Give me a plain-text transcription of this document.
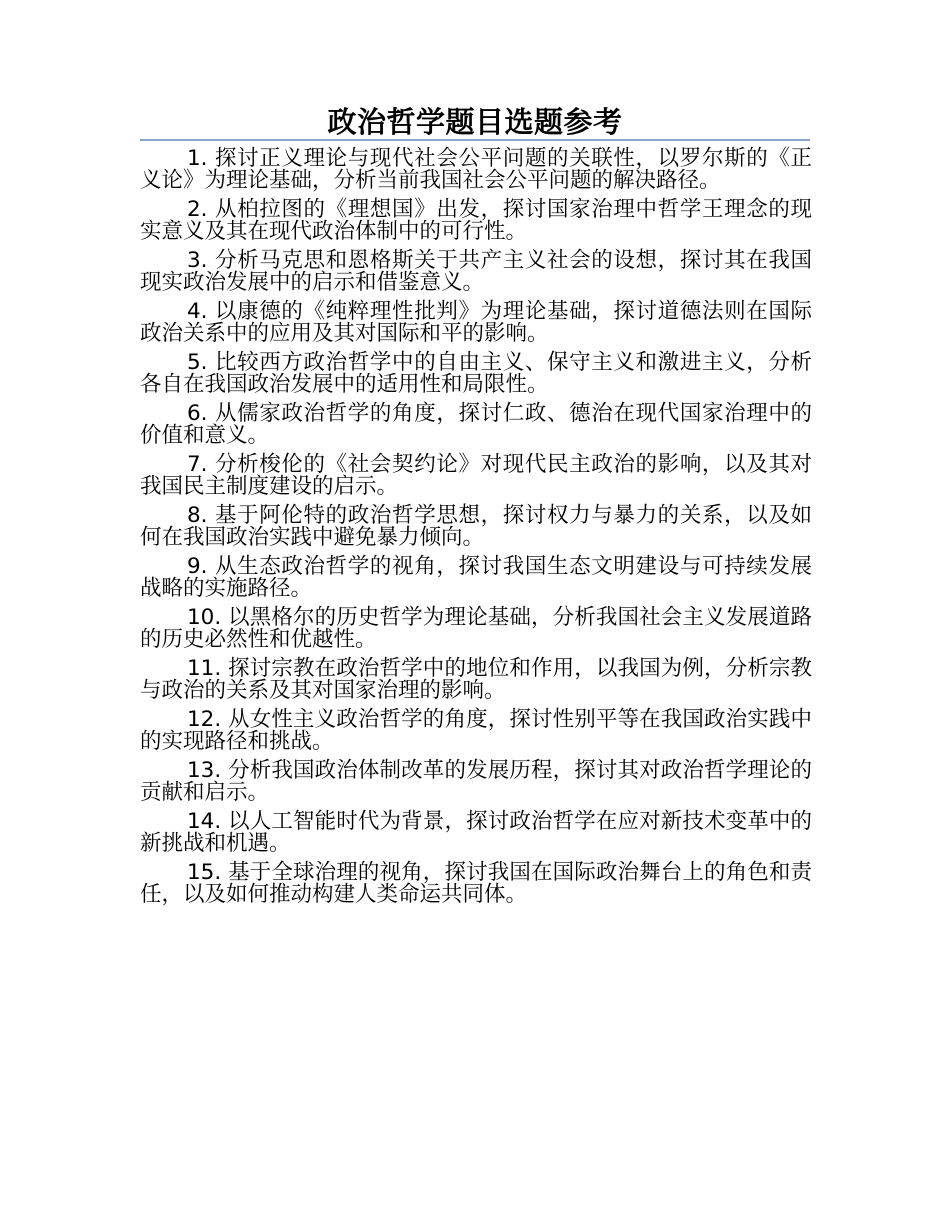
政治哲学题目选题参考

1. 探讨正义理论与现代社会公平问题的关联性，以罗尔斯的《正义论》为理论基础，分析当前我国社会公平问题的解决路径。

2. 从柏拉图的《理想国》出发，探讨国家治理中哲学王理念的现实意义及其在现代政治体制中的可行性。

3. 分析马克思和恩格斯关于共产主义社会的设想，探讨其在我国现实政治发展中的启示和借鉴意义。

4. 以康德的《纯粹理性批判》为理论基础，探讨道德法则在国际政治关系中的应用及其对国际和平的影响。

5. 比较西方政治哲学中的自由主义、保守主义和激进主义，分析各自在我国政治发展中的适用性和局限性。

6. 从儒家政治哲学的角度，探讨仁政、德治在现代国家治理中的价值和意义。

7. 分析梭伦的《社会契约论》对现代民主政治的影响，以及其对我国民主制度建设的启示。

8. 基于阿伦特的政治哲学思想，探讨权力与暴力的关系，以及如何在我国政治实践中避免暴力倾向。

9. 从生态政治哲学的视角，探讨我国生态文明建设与可持续发展战略的实施路径。

10. 以黑格尔的历史哲学为理论基础，分析我国社会主义发展道路的历史必然性和优越性。

11. 探讨宗教在政治哲学中的地位和作用，以我国为例，分析宗教与政治的关系及其对国家治理的影响。

12. 从女性主义政治哲学的角度，探讨性别平等在我国政治实践中的实现路径和挑战。

13. 分析我国政治体制改革的发展历程，探讨其对政治哲学理论的贡献和启示。

14. 以人工智能时代为背景，探讨政治哲学在应对新技术变革中的新挑战和机遇。

15. 基于全球治理的视角，探讨我国在国际政治舞台上的角色和责任，以及如何推动构建人类命运共同体。
